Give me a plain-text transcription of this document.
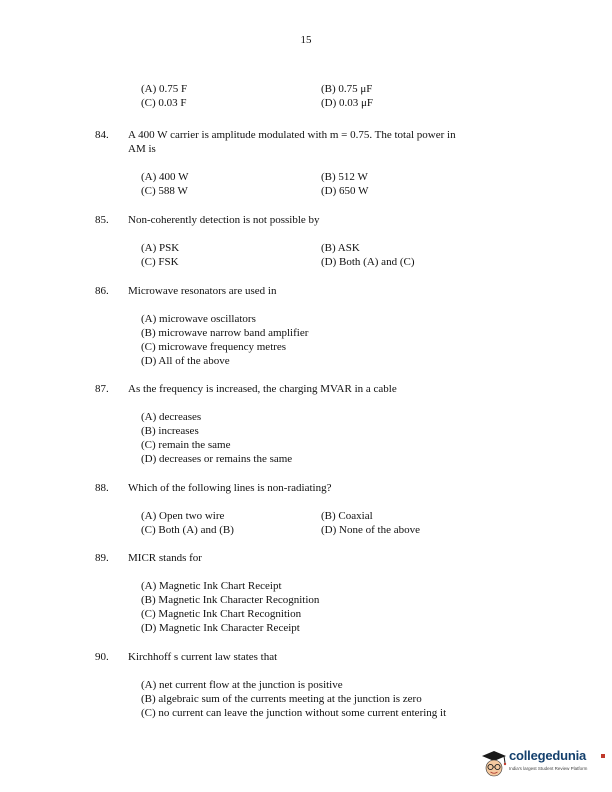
15
(A) 0.75 F	(B) 0.75 μF
(C) 0.03 F	(D) 0.03 μF
84. A 400 W carrier is amplitude modulated with m = 0.75. The total power in
AM is
(A) 400 W	(B) 512 W
(C) 588 W	(D) 650 W
85. Non-coherently detection is not possible by
(A) PSK	(B) ASK
(C) FSK	(D) Both (A) and (C)
86. Microwave resonators are used in
(A) microwave oscillators
(B) microwave narrow band amplifier
(C) microwave frequency metres
(D) All of the above
87. As the frequency is increased, the charging MVAR in a cable
(A) decreases
(B) increases
(C) remain the same
(D) decreases or remains the same
88. Which of the following lines is non-radiating?
(A) Open two wire	(B) Coaxial
(C) Both (A) and (B)	(D) None of the above
89. MICR stands for
(A) Magnetic Ink Chart Receipt
(B) Magnetic Ink Character Recognition
(C) Magnetic Ink Chart Recognition
(D) Magnetic Ink Character Receipt
90. Kirchhoff s current law states that
(A) net current flow at the junction is positive
(B) algebraic sum of the currents meeting at the junction is zero
(C) no current can leave the junction without some current entering it
collegedunia
India's largest Student Review Platform
